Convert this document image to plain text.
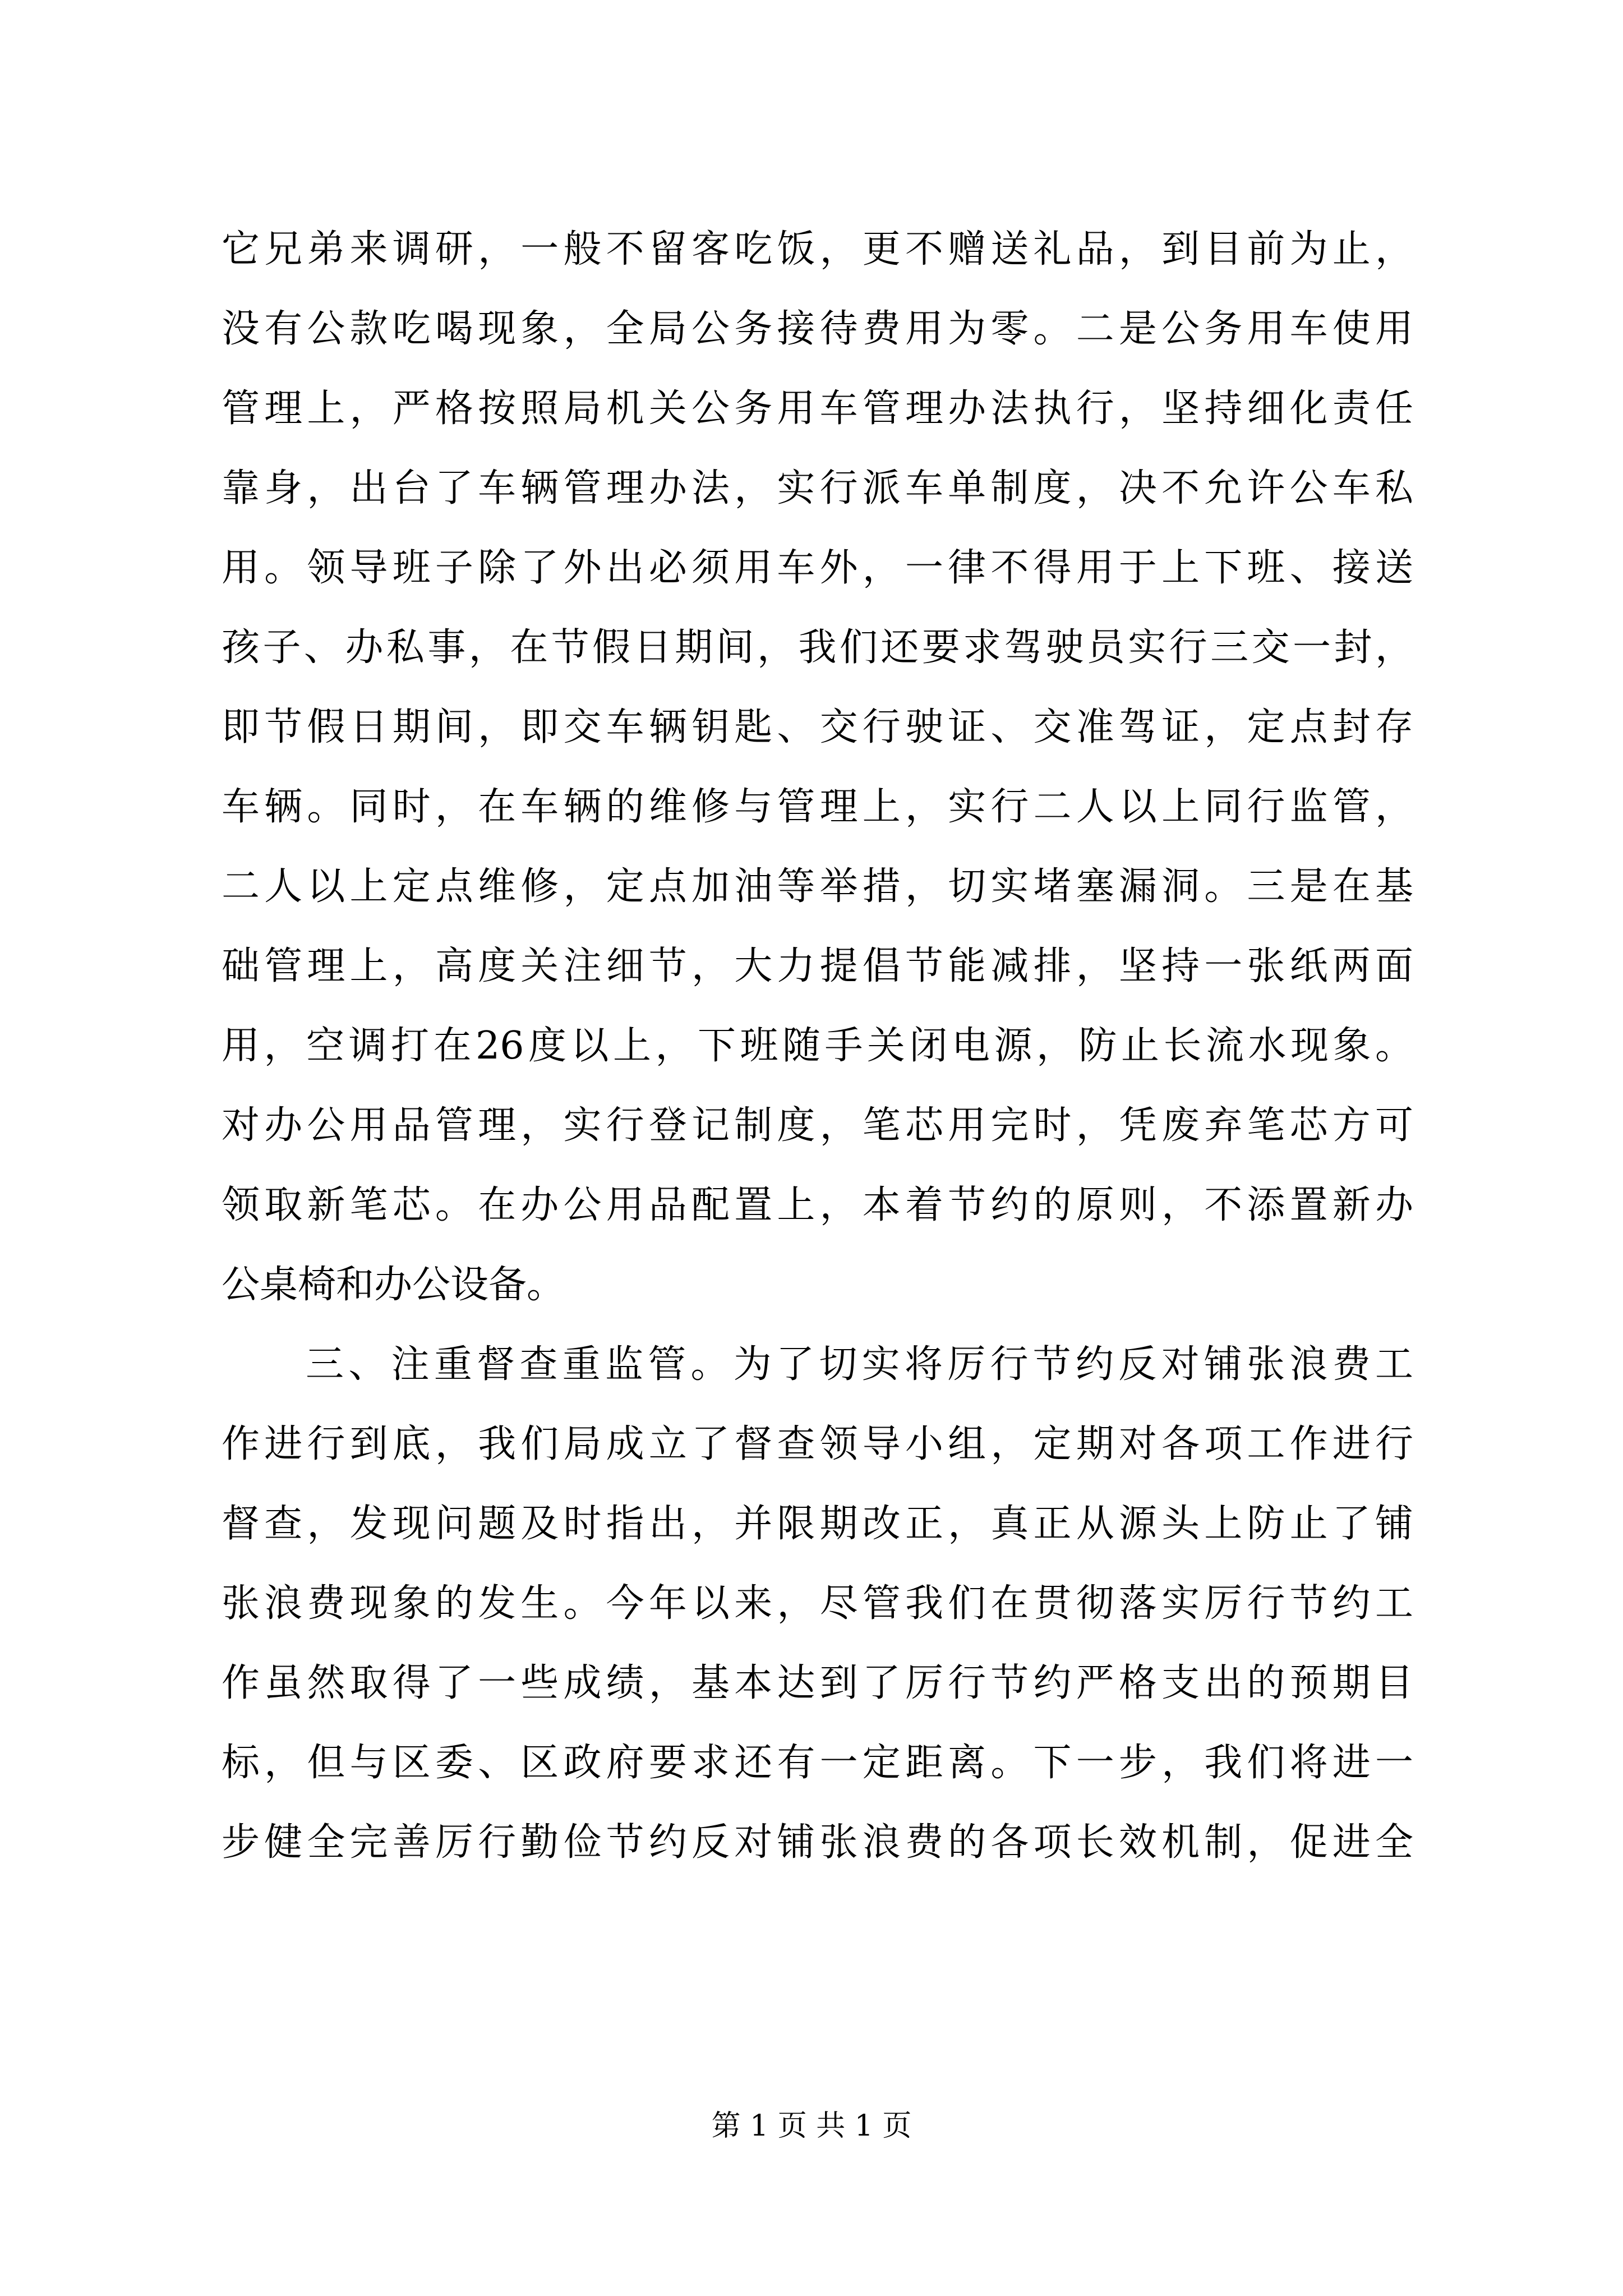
它兄弟来调研，一般不留客吃饭，更不赠送礼品，到目前为止，
没有公款吃喝现象，全局公务接待费用为零。二是公务用车使用
管理上，严格按照局机关公务用车管理办法执行，坚持细化责任
靠身，出台了车辆管理办法，实行派车单制度，决不允许公车私
用。领导班子除了外出必须用车外，一律不得用于上下班、接送
孩子、办私事，在节假日期间，我们还要求驾驶员实行三交一封，
即节假日期间，即交车辆钥匙、交行驶证、交准驾证，定点封存
车辆。同时，在车辆的维修与管理上，实行二人以上同行监管，
二人以上定点维修，定点加油等举措，切实堵塞漏洞。三是在基
础管理上，高度关注细节，大力提倡节能减排，坚持一张纸两面
用，空调打在26度以上，下班随手关闭电源，防止长流水现象。
对办公用品管理，实行登记制度，笔芯用完时，凭废弃笔芯方可
领取新笔芯。在办公用品配置上，本着节约的原则，不添置新办
公桌椅和办公设备。
三、注重督查重监管。为了切实将厉行节约反对铺张浪费工
作进行到底，我们局成立了督查领导小组，定期对各项工作进行
督查，发现问题及时指出，并限期改正，真正从源头上防止了铺
张浪费现象的发生。今年以来，尽管我们在贯彻落实厉行节约工
作虽然取得了一些成绩，基本达到了厉行节约严格支出的预期目
标，但与区委、区政府要求还有一定距离。下一步，我们将进一
步健全完善厉行勤俭节约反对铺张浪费的各项长效机制，促进全
第 1 页 共 1 页
